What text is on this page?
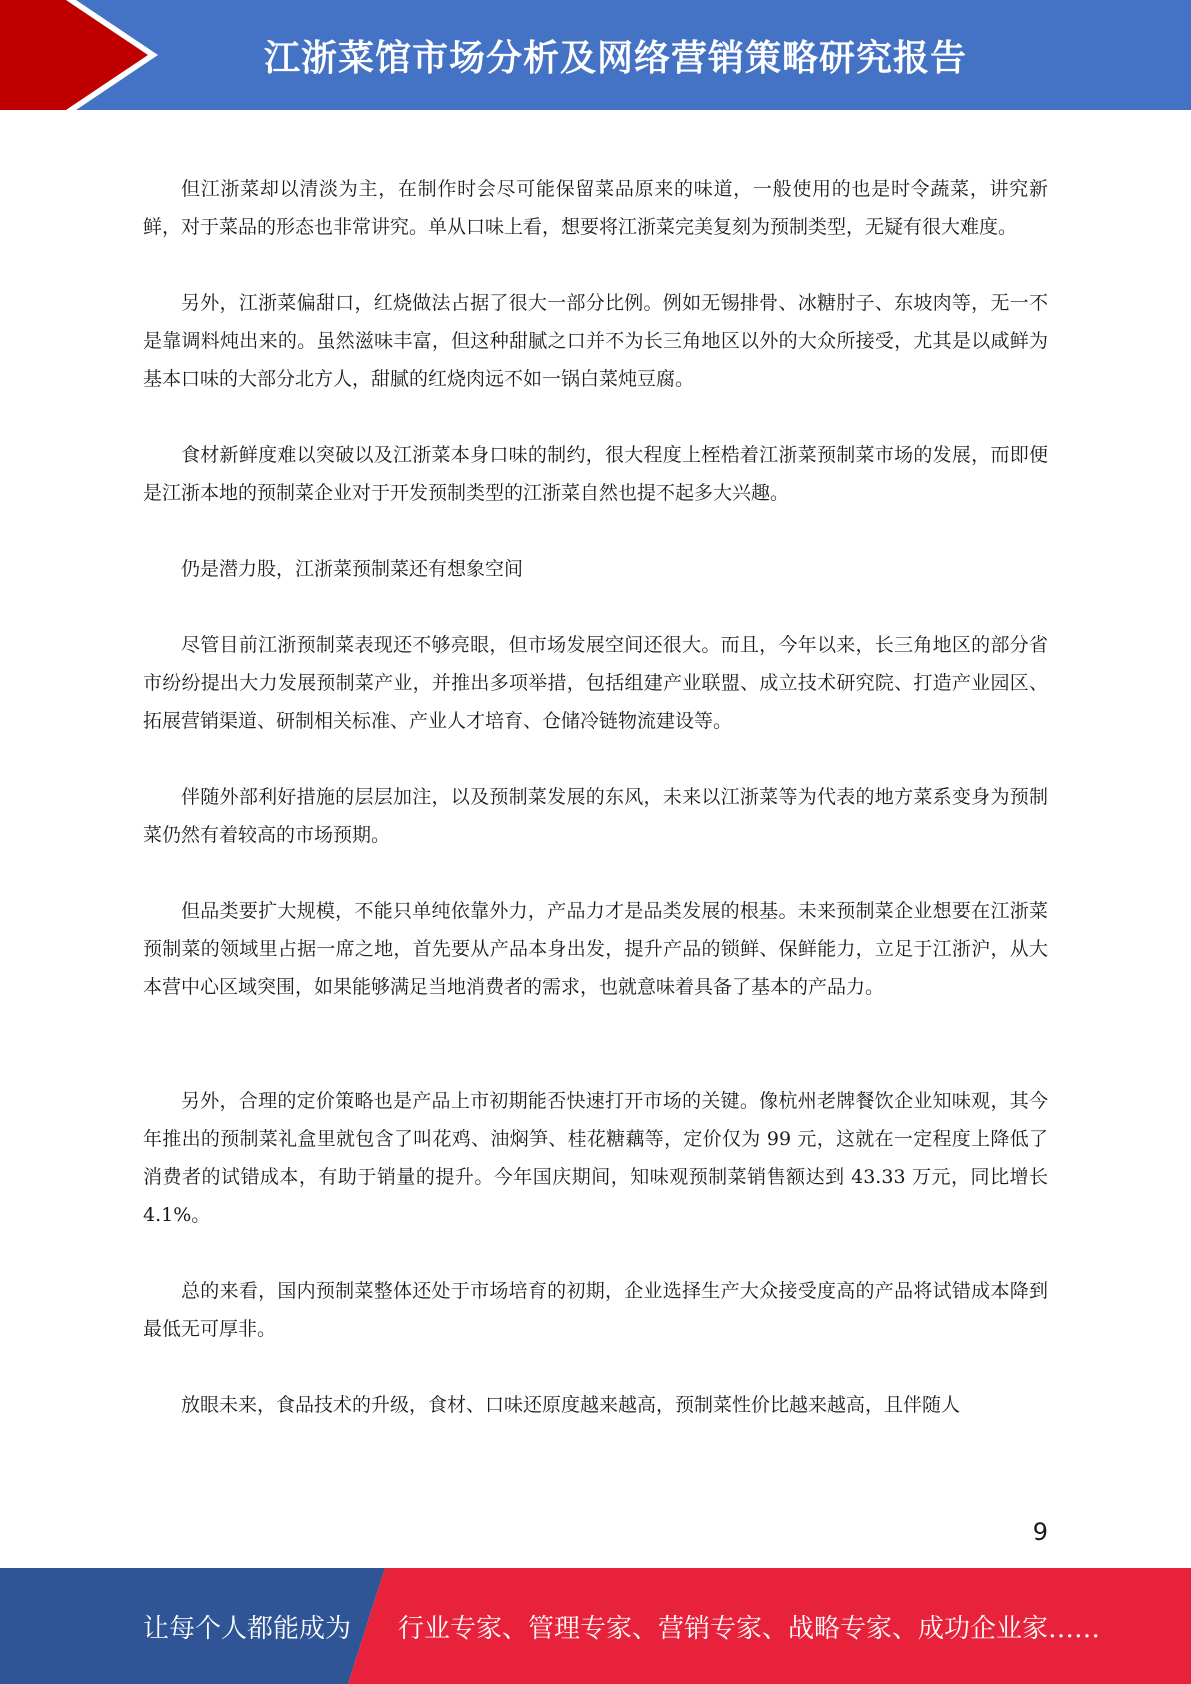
江浙菜馆市场分析及网络营销策略研究报告

但江浙菜却以清淡为主，在制作时会尽可能保留菜品原来的味道，一般使用的也是时令蔬菜，讲究新鲜，对于菜品的形态也非常讲究。单从口味上看，想要将江浙菜完美复刻为预制类型，无疑有很大难度。

另外，江浙菜偏甜口，红烧做法占据了很大一部分比例。例如无锡排骨、冰糖肘子、东坡肉等，无一不是靠调料炖出来的。虽然滋味丰富，但这种甜腻之口并不为长三角地区以外的大众所接受，尤其是以咸鲜为基本口味的大部分北方人，甜腻的红烧肉远不如一锅白菜炖豆腐。

食材新鲜度难以突破以及江浙菜本身口味的制约，很大程度上桎梏着江浙菜预制菜市场的发展，而即便是江浙本地的预制菜企业对于开发预制类型的江浙菜自然也提不起多大兴趣。

仍是潜力股，江浙菜预制菜还有想象空间

尽管目前江浙预制菜表现还不够亮眼，但市场发展空间还很大。而且，今年以来，长三角地区的部分省市纷纷提出大力发展预制菜产业，并推出多项举措，包括组建产业联盟、成立技术研究院、打造产业园区、拓展营销渠道、研制相关标准、产业人才培育、仓储冷链物流建设等。

伴随外部利好措施的层层加注，以及预制菜发展的东风，未来以江浙菜等为代表的地方菜系变身为预制菜仍然有着较高的市场预期。

但品类要扩大规模，不能只单纯依靠外力，产品力才是品类发展的根基。未来预制菜企业想要在江浙菜预制菜的领域里占据一席之地，首先要从产品本身出发，提升产品的锁鲜、保鲜能力，立足于江浙沪，从大本营中心区域突围，如果能够满足当地消费者的需求，也就意味着具备了基本的产品力。

另外，合理的定价策略也是产品上市初期能否快速打开市场的关键。像杭州老牌餐饮企业知味观，其今年推出的预制菜礼盒里就包含了叫花鸡、油焖笋、桂花糖藕等，定价仅为 99 元，这就在一定程度上降低了消费者的试错成本，有助于销量的提升。今年国庆期间，知味观预制菜销售额达到 43.33 万元，同比增长 4.1%。

总的来看，国内预制菜整体还处于市场培育的初期，企业选择生产大众接受度高的产品将试错成本降到最低无可厚非。

放眼未来，食品技术的升级，食材、口味还原度越来越高，预制菜性价比越来越高，且伴随人

9
让每个人都能成为 行业专家、管理专家、营销专家、战略专家、成功企业家……
